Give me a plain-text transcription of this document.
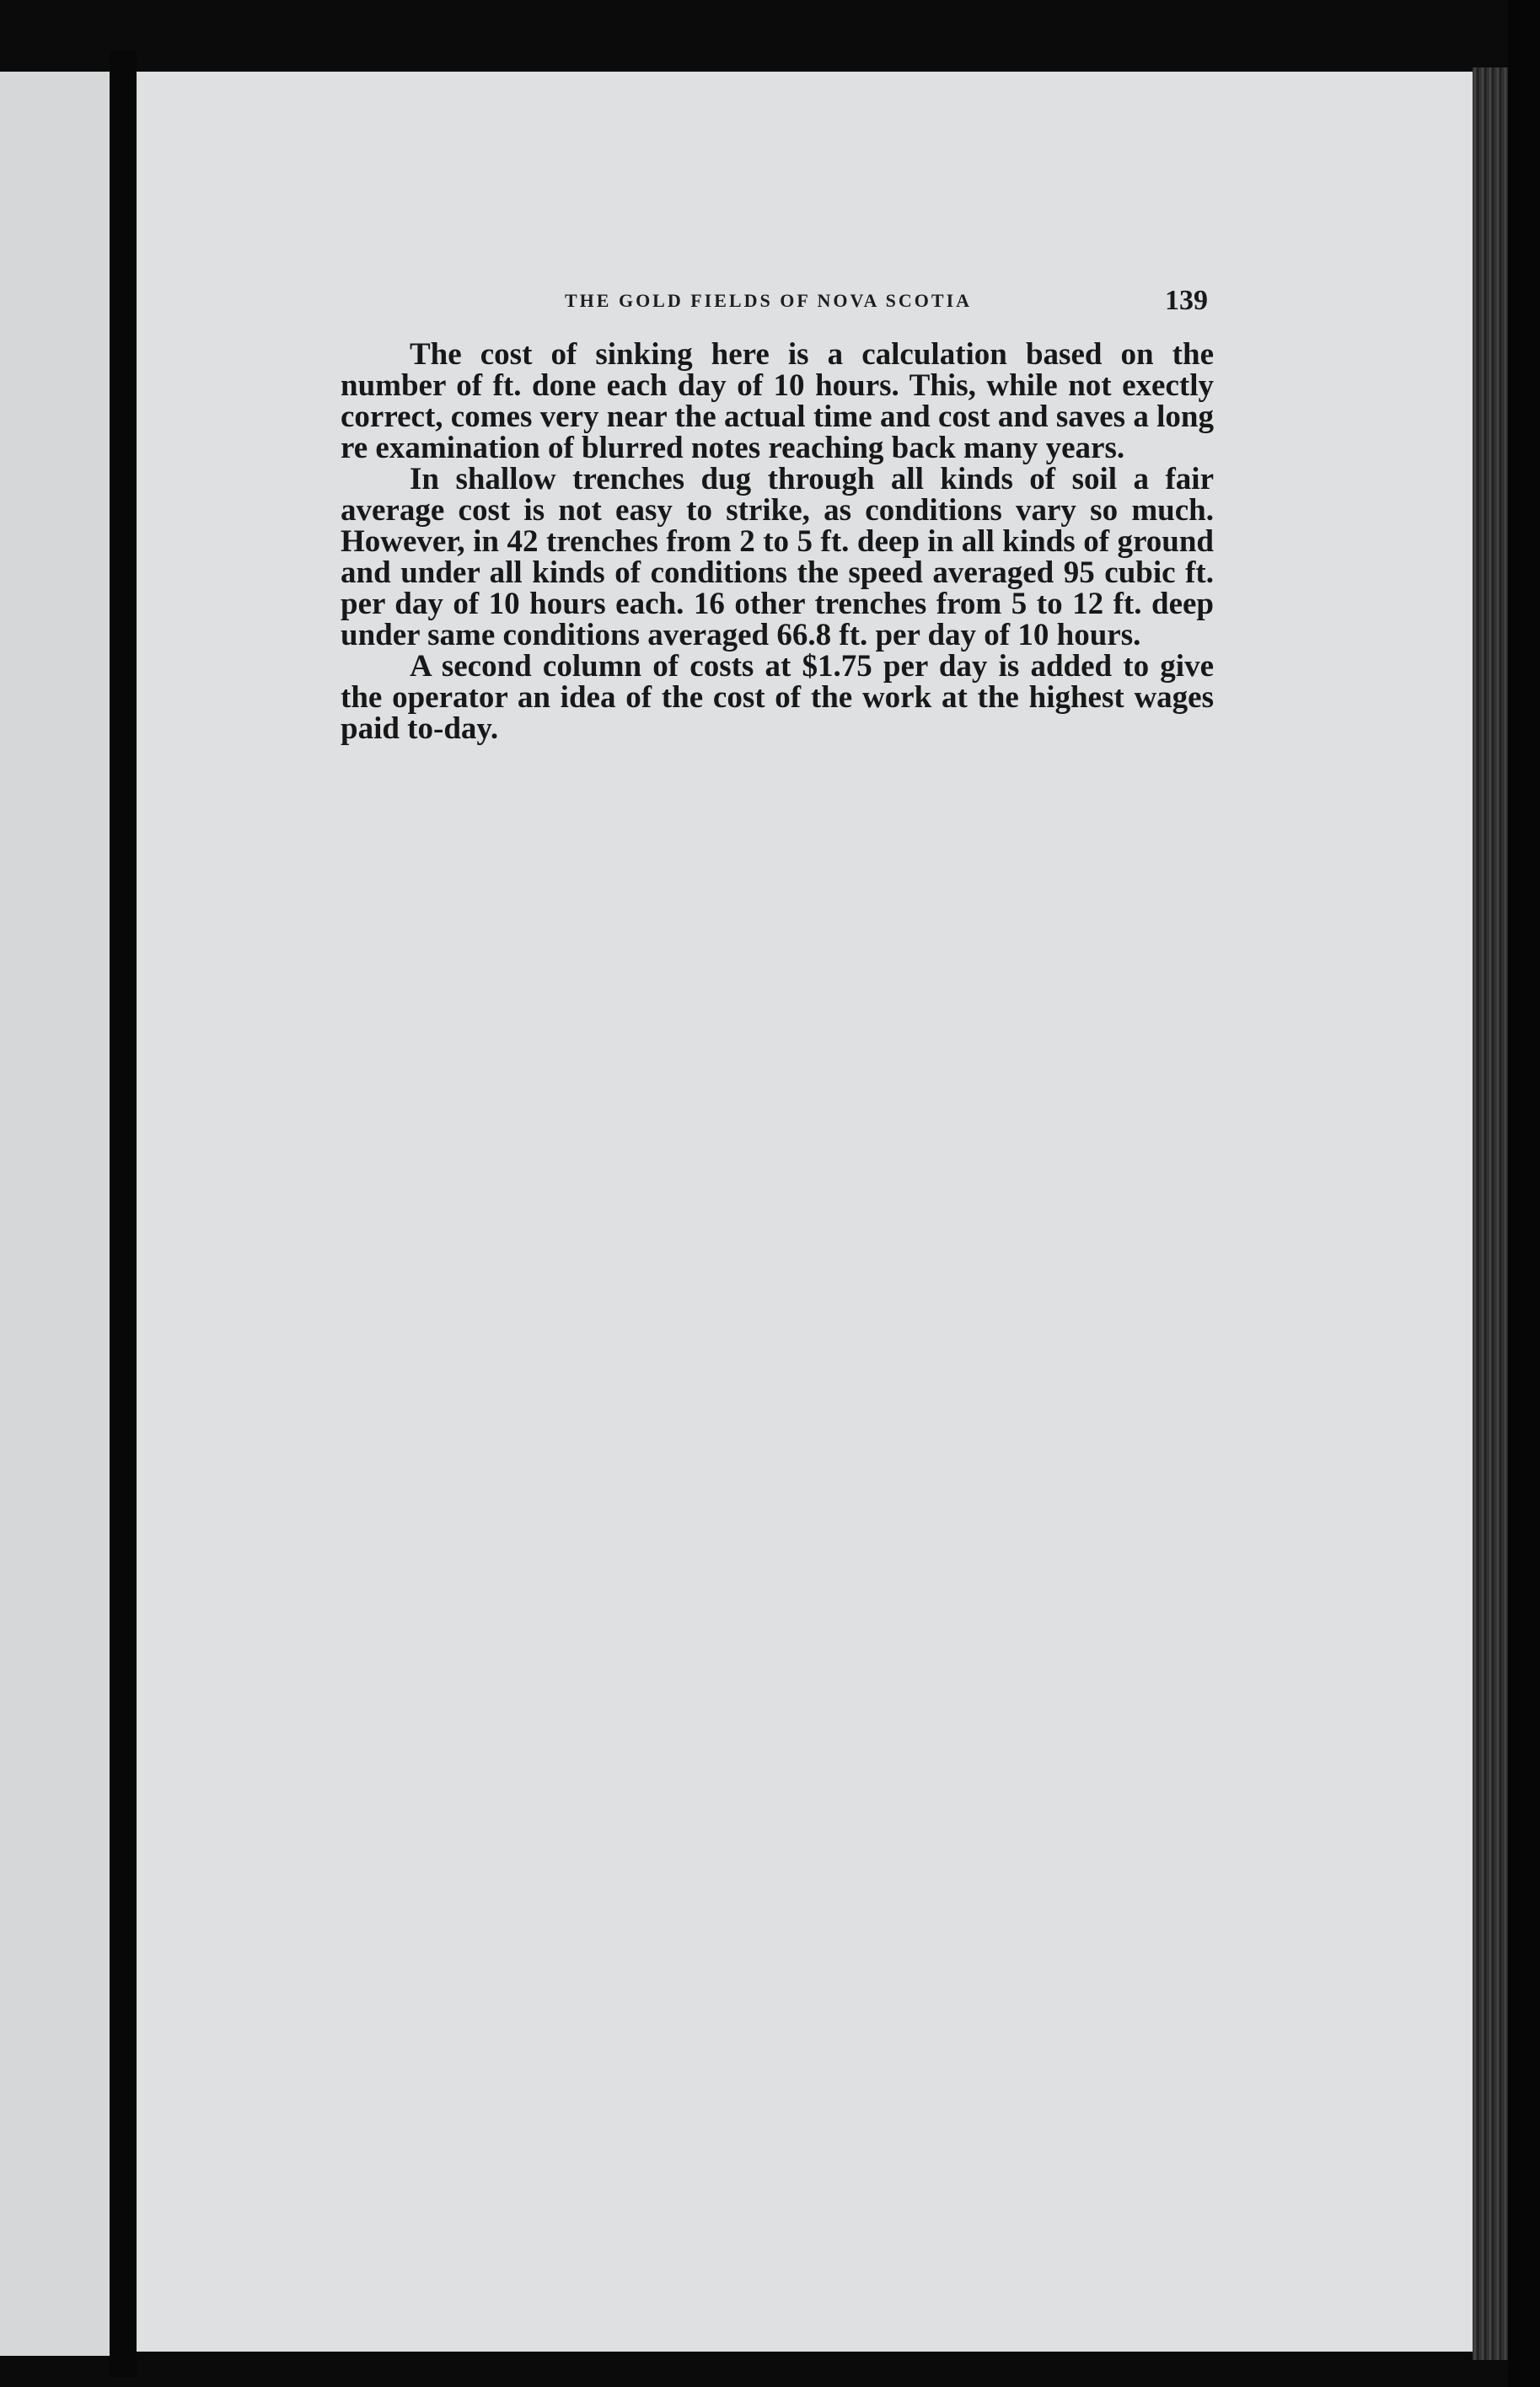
THE GOLD FIELDS OF NOVA SCOTIA	139

The cost of sinking here is a calculation based on the number of ft. done each day of 10 hours. This, while not exectly correct, comes very near the actual time and cost and saves a long re examination of blurred notes reaching back many years.

In shallow trenches dug through all kinds of soil a fair average cost is not easy to strike, as conditions vary so much. However, in 42 trenches from 2 to 5 ft. deep in all kinds of ground and under all kinds of conditions the speed averaged 95 cubic ft. per day of 10 hours each. 16 other trenches from 5 to 12 ft. deep under same conditions averaged 66.8 ft. per day of 10 hours.

A second column of costs at $1.75 per day is added to give the operator an idea of the cost of the work at the highest wages paid to-day.
